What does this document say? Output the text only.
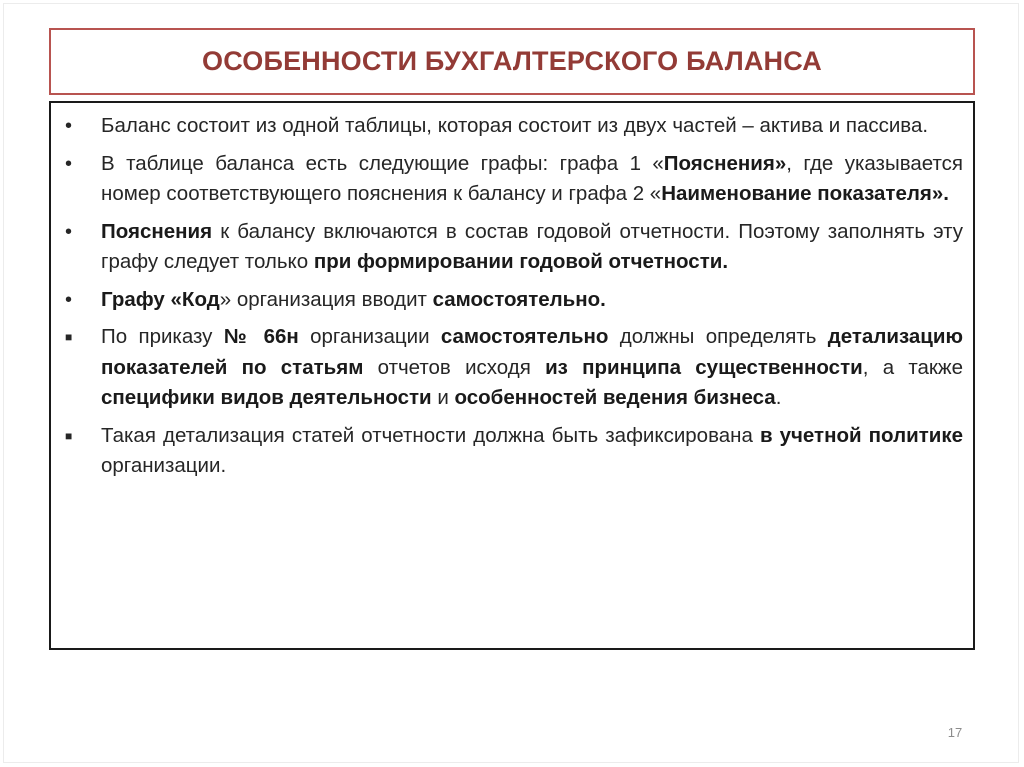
ОСОБЕННОСТИ БУХГАЛТЕРСКОГО БАЛАНСА
•	Баланс состоит из одной таблицы, которая состоит из двух частей – актива и пассива.
•	В таблице баланса есть следующие графы: графа 1 «Пояснения», где указывается номер соответствующего пояснения к балансу и графа 2 «Наименование показателя».
•	Пояснения к балансу включаются в состав годовой отчетности. Поэтому заполнять эту графу следует только при формировании годовой отчетности.
•	Графу «Код» организация вводит самостоятельно.
■	По приказу № 66н организации самостоятельно должны определять детализацию показателей по статьям отчетов исходя из принципа существенности, а также специфики видов деятельности и особенностей ведения бизнеса.
■	Такая детализация статей отчетности должна быть зафиксирована в учетной политике организации.
17
